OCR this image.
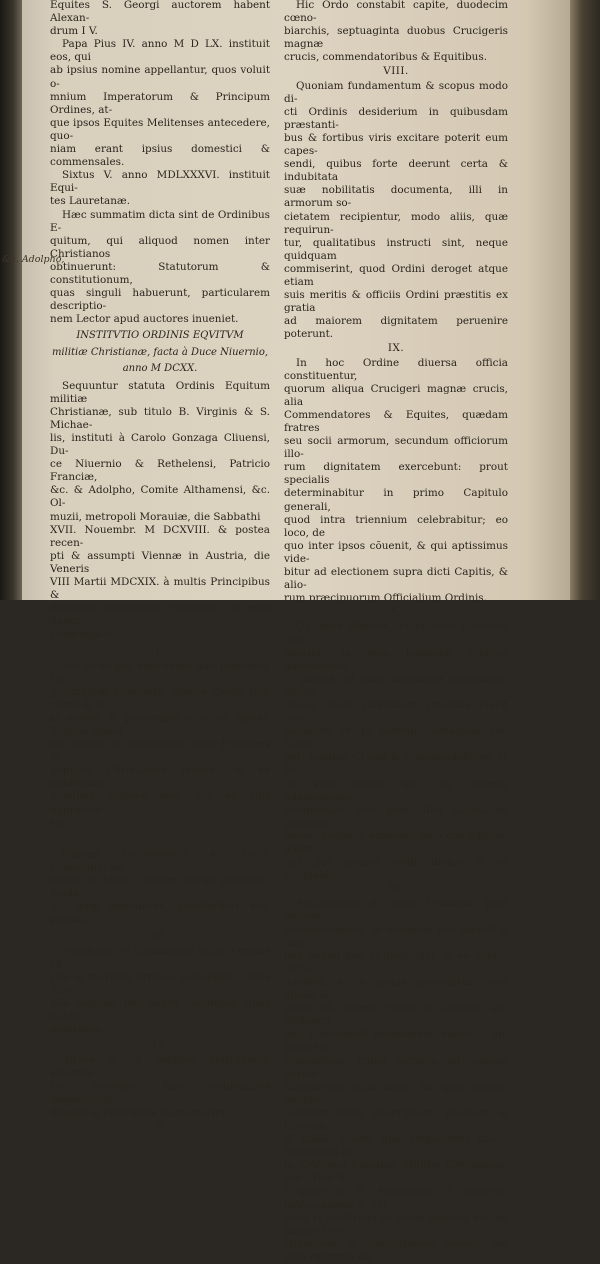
Equites S. Georgi auctorem habent Alexan-

drum I V.

Papa Pius IV. anno M D LX. instituit eos, qui

ab ipsius nomine appellantur, quos voluit o-

mnium Imperatorum & Principum Ordines, at-

que ipsos Equites Melitenses antecedere, quo-

niam erant ipsius domestici & commensales.

Sixtus V. anno MDLXXXVI. instituit Equi-

tes Lauretanæ.

Hæc summatim dicta sint de Ordinibus E-

quitum, qui aliquod nomen inter Christianos

obtinuerunt: Statutorum & constitutionum,

quas singuli habuerunt, particularem descriptio-

nem Lector apud auctores inueniet.

INSTITVTIO ORDINIS EQVITVM

militiæ Christianæ, facta à Duce Niuernio,

anno M DCXX.

Sequuntur statuta Ordinis Equitum militiæ

Christianæ, sub titulo B. Virginis & S. Michae-

lis, instituti à Carolo Gonzaga Cliuensi, Du-

ce Niuernio & Rethelensi, Patricio Franciæ,

&c. & Adolpho, Comite Althamensi, &c. Ol-

muzii, metropoli Morauiæ, die Sabbathi

XVII. Nouembr. M DCXVIII. & postea recen-

pti & assumpti Viennæ in Austria, die Veneris

VIII Martii MDCXIX. à multis Principibus &

dynastis diuersarum nationum in eum finem

congregatis.

I.

Hic Ordo pro basi habet duo præcipua Le-

gis diuinæ præcepta, Amare Deum toto corde & to-

ta anima; & proximum sicut se ipsum. Scopus ipsius

est, pacem & concordiam inter Principes &

populos Christianos fauere, & ex infidelium

manibus eripere eos, qui ab illis opprimun-

tur.

II.

Omnes Ecclesiastici & Laici, cuiuscunq; na-

tionis, in hunc Ordinem recipi poterunt, modo

iis, quæ sequuntur, qualitatibus sint prædit.

III.

Prima est, vt Candidatus huius Ordinis sit

vita & moribus probus, inculpatus, nulla infa-

mia notatus, nec supra facultates, quas habet,

obæratus.

IV.

Altera vt sit legitimo matrimonio procrea-

tus, exceptis filiis naturalibus Imperatorum,

Regum & Principum supremorum.

V.

Hic Ordo constabit capite, duodecim cœno-

biarchis, septuaginta duobus Crucigeris magnæ

crucis, commendatoribus & Equitibus.

VIII.

Quoniam fundamentum & scopus modo di-

cti Ordinis desiderium in quibusdam præstanti-

bus & fortibus viris excitare poterit eum capes-

sendi, quibus forte deerunt certa & indubitata

suæ nobilitatis documenta, illi in armorum so-

cietatem recipientur, modo aliis, quæ requirun-

tur, qualitatibus instructi sint, neque quidquam

commiserint, quod Ordini deroget atque etiam

suis meritis & officiis Ordini præstitis ex gratia

ad maiorem dignitatem peruenire poterunt.

IX.

In hoc Ordine diuersa officia constituentur,

quorum aliqua Crucigeri magnæ crucis, alia

Commendatores & Equites, quædam fratres

seu socii armorum, secundum officiorum illo-

rum dignitatem exercebunt: prout specialis

determinabitur in primo Capitulo generali,

quod intra triennium celebrabitur; eo loco, de

quo inter ipsos cõuenit, & qui aptissimus vide-

bitur ad electionem supra dicti Capitis, & alio-

rum præcipuorum Officialium Ordinis.

X.

Qui sese offerent, vt in hunc Ordinem reci-

piantur, in eum tanquam Equites admittentur,

vt postea ad alias dignitates euehantur: nihilo-

minus donec Capitulum generale fuerit con-

uocatum, recipi poterunt cœnobiarchæ, Cruci-

geri magnæ Crucis & Commendatores, vt Or-

do viris dignis, qui illa munera administrent,

compleatur: sed post illud Capitulum generale

nemo, quamuis eminenti loco constitutus, aliter

quã per gradus modo dictos in eũ cooptabitur.

XI.

Recipiendus in hunc Ordinem, post factam

exhomologesin, in templum aut sacellũ à duo-

bus senioribus Ordinis, qui in eo erunt, intro-

ducetur, & in genua prouolutus, sine gladio &

pallio ab iisdem coram eo sistetur, qui Ordinem

ipsi conferendi potestatem habebit, qui prius sa-

cramentum, cuius formula ad calcem horum

statutorum subiicietur, ab ipso exiget: deinde

habitum infra descriptum, gladium & Crucem

ei dabit, ipsum que amplectens dicet: Recipimus te

in Ordinem Equitum Militiæ Christianæ, sub titulo B.

Virginis & S. Michaelis, vt ipsorum intercessione S. Tri-

nitas te confirmet in gloria nominis sui, ad pacem Chri-

stianorum, & liberationem eorum, qui sunt oppressi ab

&c. Adolpho,
